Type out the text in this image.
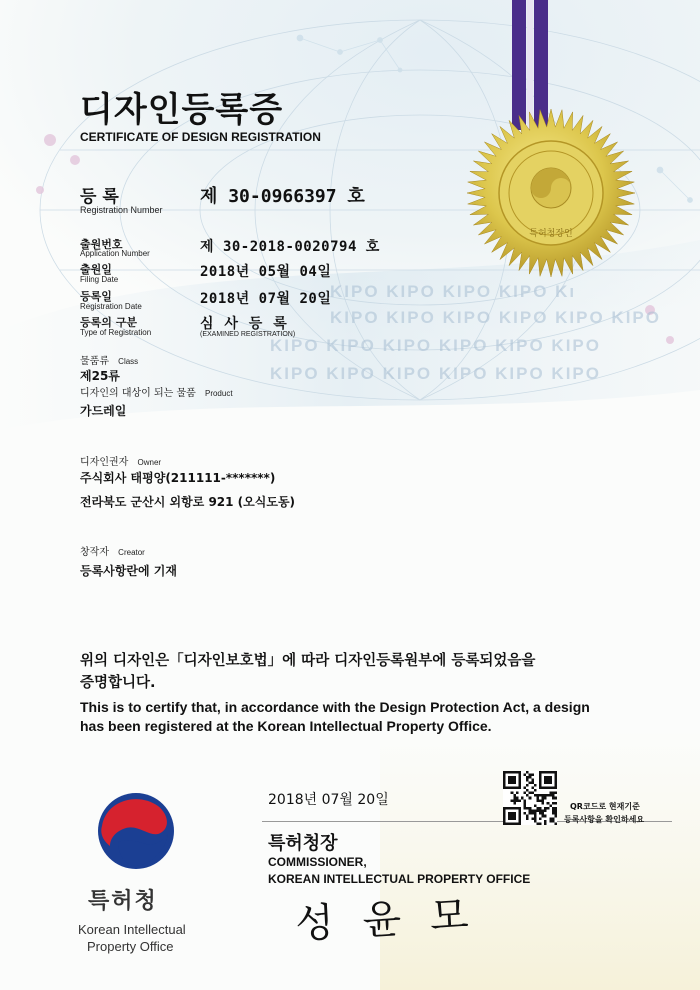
KIPO KIPO KIPO KIPO Kı
KIPO KIPO KIPO KIPO KIPO KIPO
KIPO KIPO KIPO KIPO KIPO KIPO
KIPO KIPO KIPO KIPO KIPO KIPO
특허청장인
디자인등록증
CERTIFICATE OF DESIGN REGISTRATION
등 록
Registration Number
제 30-0966397 호
출원번호
Application Number	제 30-2018-0020794 호
출원일
Filing Date	2018년 05월 04일
등록일
Registration Date	2018년 07월 20일
등록의 구분
Type of Registration
심 사 등 록
(EXAMINED REGISTRATION)
물품류 Class
제25류
디자인의 대상이 되는 물품 Product
가드레일
디자인권자 Owner
주식회사 태평양(211111-*******)
전라북도 군산시 외항로 921 (오식도동)
창작자 Creator
등록사항란에 기재
위의 디자인은「디자인보호법」에 따라 디자인등록원부에 등록되었음을
증명합니다.
This is to certify that, in accordance with the Design Protection Act, a design
has been registered at the Korean Intellectual Property Office.
2018년 07월 20일	QR코드로 현재기준
등록사항을 확인하세요
특허청장
COMMISSIONER,
KOREAN INTELLECTUAL PROPERTY OFFICE
성 윤 모
특허청
Korean Intellectual
Property Office
